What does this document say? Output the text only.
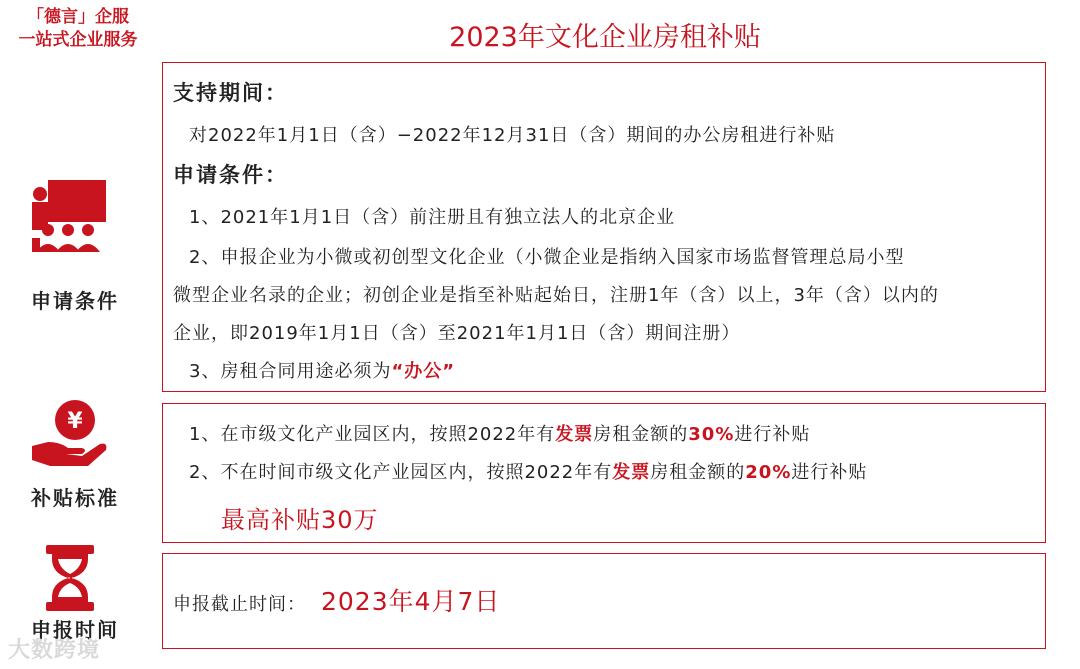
「德言」企服
一站式企业服务	2023年文化企业房租补贴
申请条件
¥
补贴标准
申报时间
支持期间：
对2022年1月1日（含）−2022年12月31日（含）期间的办公房租进行补贴
申请条件：
1、2021年1月1日（含）前注册且有独立法人的北京企业
2、申报企业为小微或初创型文化企业（小微企业是指纳入国家市场监督管理总局小型
微型企业名录的企业；初创企业是指至补贴起始日，注册1年（含）以上，3年（含）以内的
企业，即2019年1月1日（含）至2021年1月1日（含）期间注册）
3、房租合同用途必须为“办公”
1、在市级文化产业园区内，按照2022年有发票房租金额的30%进行补贴
2、不在时间市级文化产业园区内，按照2022年有发票房租金额的20%进行补贴
最高补贴30万
申报截止时间： 2023年4月7日
大数跨境
